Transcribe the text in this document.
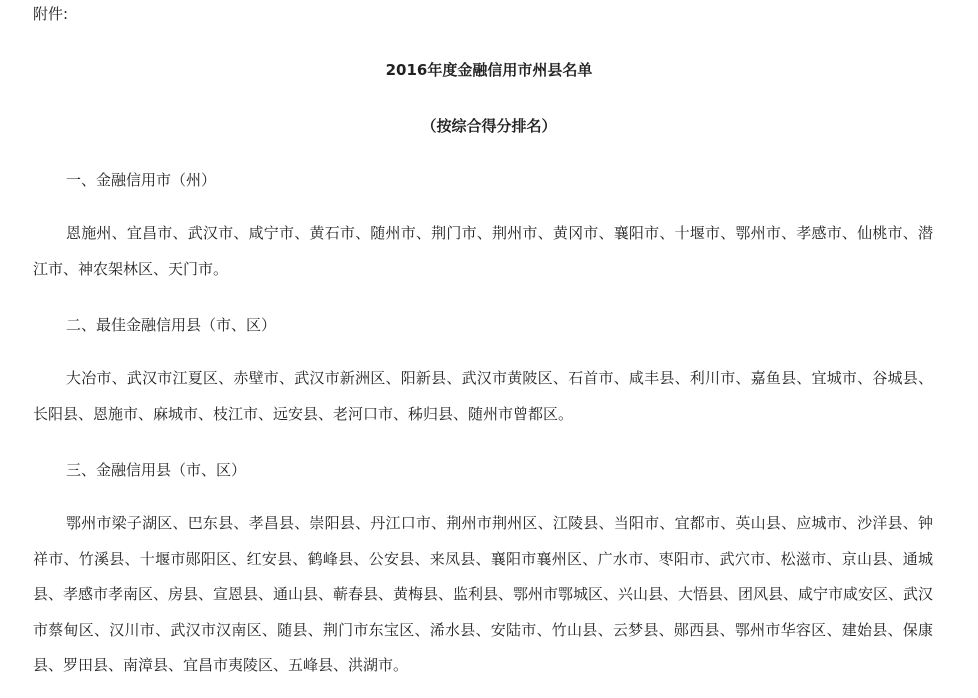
附件:
2016年度金融信用市州县名单
（按综合得分排名）
一、金融信用市（州）
恩施州、宜昌市、武汉市、咸宁市、黄石市、随州市、荆门市、荆州市、黄冈市、襄阳市、十堰市、鄂州市、孝感市、仙桃市、潜江市、神农架林区、天门市。
二、最佳金融信用县（市、区）
大冶市、武汉市江夏区、赤壁市、武汉市新洲区、阳新县、武汉市黄陂区、石首市、咸丰县、利川市、嘉鱼县、宜城市、谷城县、长阳县、恩施市、麻城市、枝江市、远安县、老河口市、秭归县、随州市曾都区。
三、金融信用县（市、区）
鄂州市梁子湖区、巴东县、孝昌县、崇阳县、丹江口市、荆州市荆州区、江陵县、当阳市、宜都市、英山县、应城市、沙洋县、钟祥市、竹溪县、十堰市郧阳区、红安县、鹤峰县、公安县、来凤县、襄阳市襄州区、广水市、枣阳市、武穴市、松滋市、京山县、通城县、孝感市孝南区、房县、宣恩县、通山县、蕲春县、黄梅县、监利县、鄂州市鄂城区、兴山县、大悟县、团风县、咸宁市咸安区、武汉市蔡甸区、汉川市、武汉市汉南区、随县、荆门市东宝区、浠水县、安陆市、竹山县、云梦县、郧西县、鄂州市华容区、建始县、保康县、罗田县、南漳县、宜昌市夷陵区、五峰县、洪湖市。
